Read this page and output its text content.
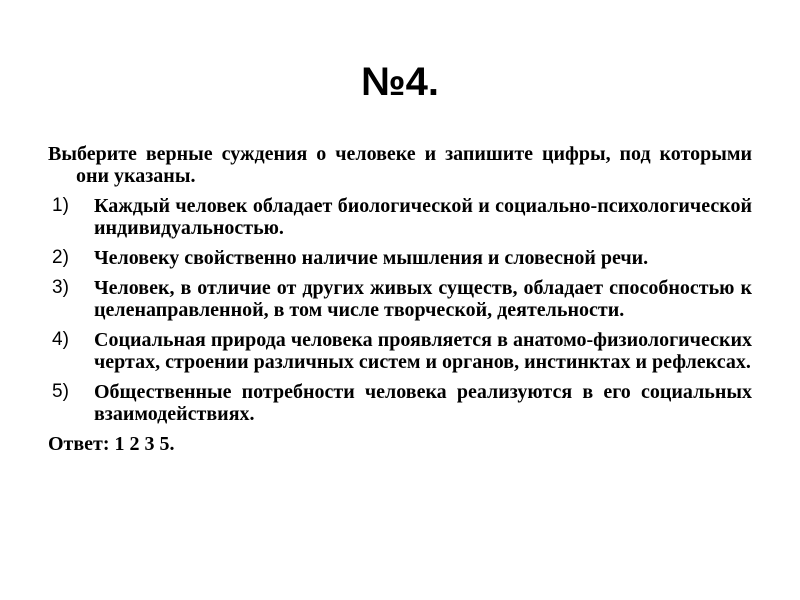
№4.

Выберите верные суждения о человеке и запишите цифры, под которыми они указаны.

1)	Каждый человек обладает биологической и социально-психологической индивидуальностью.
2)	Человеку свойственно наличие мышления и словесной речи.
3)	Человек, в отличие от других живых существ, обладает способностью к целенаправленной, в том числе творческой, деятельности.
4)	Социальная природа человека проявляется в анатомо-физиологических чертах, строении различных систем и органов, инстинктах и рефлексах.
5)	Общественные потребности человека реализуются в его социальных взаимодействиях.

Ответ: 1 2 3 5.
